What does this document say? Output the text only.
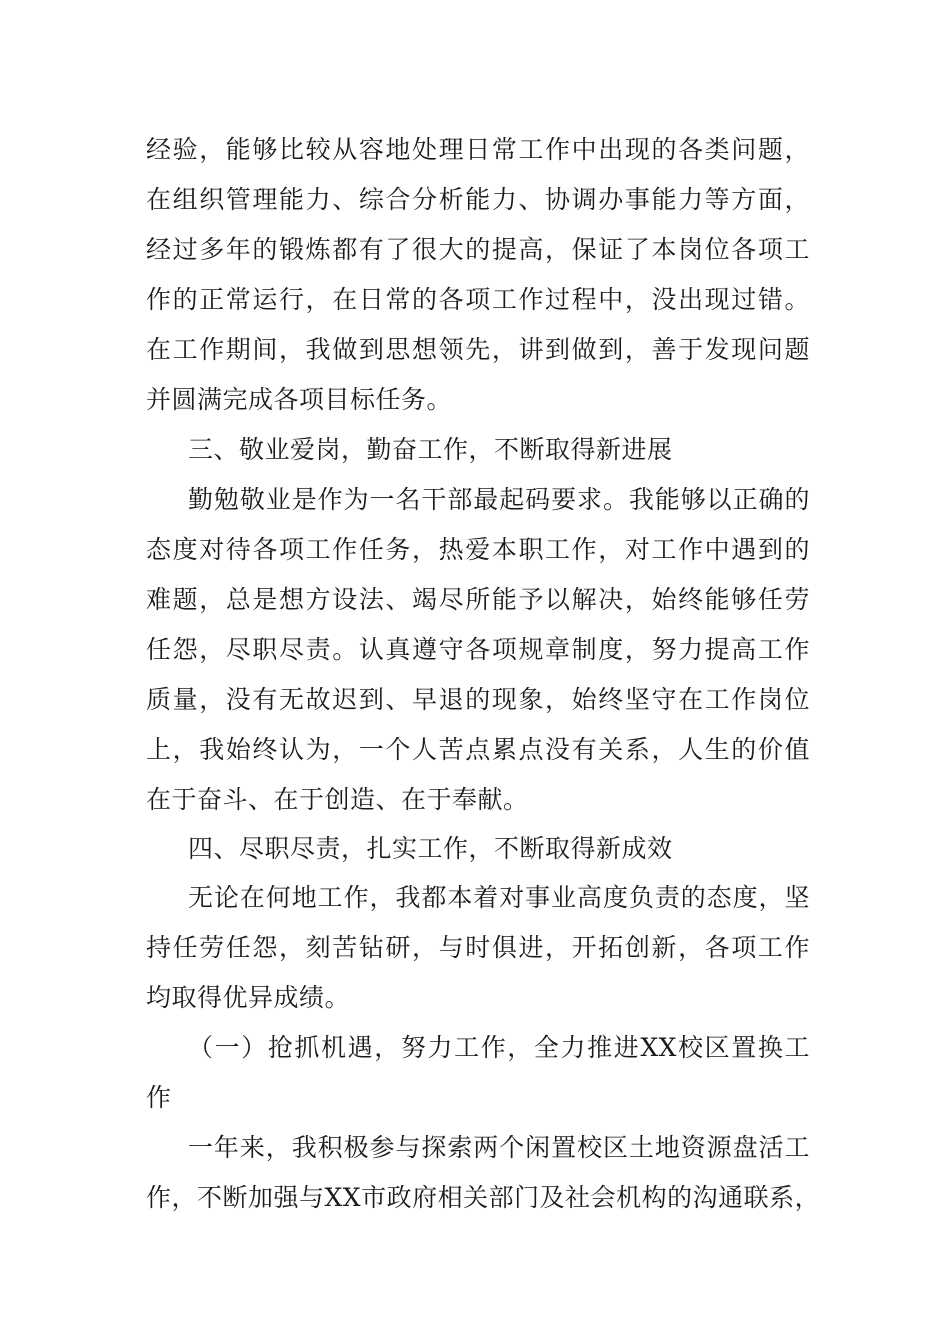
经验，能够比较从容地处理日常工作中出现的各类问题，
在组织管理能力、综合分析能力、协调办事能力等方面，
经过多年的锻炼都有了很大的提高，保证了本岗位各项工
作的正常运行，在日常的各项工作过程中，没出现过错。
在工作期间，我做到思想领先，讲到做到，善于发现问题
并圆满完成各项目标任务。
三、敬业爱岗，勤奋工作，不断取得新进展
勤勉敬业是作为一名干部最起码要求。我能够以正确的
态度对待各项工作任务，热爱本职工作，对工作中遇到的
难题，总是想方设法、竭尽所能予以解决，始终能够任劳
任怨，尽职尽责。认真遵守各项规章制度，努力提高工作
质量，没有无故迟到、早退的现象，始终坚守在工作岗位
上，我始终认为，一个人苦点累点没有关系，人生的价值
在于奋斗、在于创造、在于奉献。
四、尽职尽责，扎实工作，不断取得新成效
无论在何地工作，我都本着对事业高度负责的态度，坚
持任劳任怨，刻苦钻研，与时俱进，开拓创新，各项工作
均取得优异成绩。
（一）抢抓机遇，努力工作，全力推进XX校区置换工
作
一年来，我积极参与探索两个闲置校区土地资源盘活工
作，不断加强与XX市政府相关部门及社会机构的沟通联系，
